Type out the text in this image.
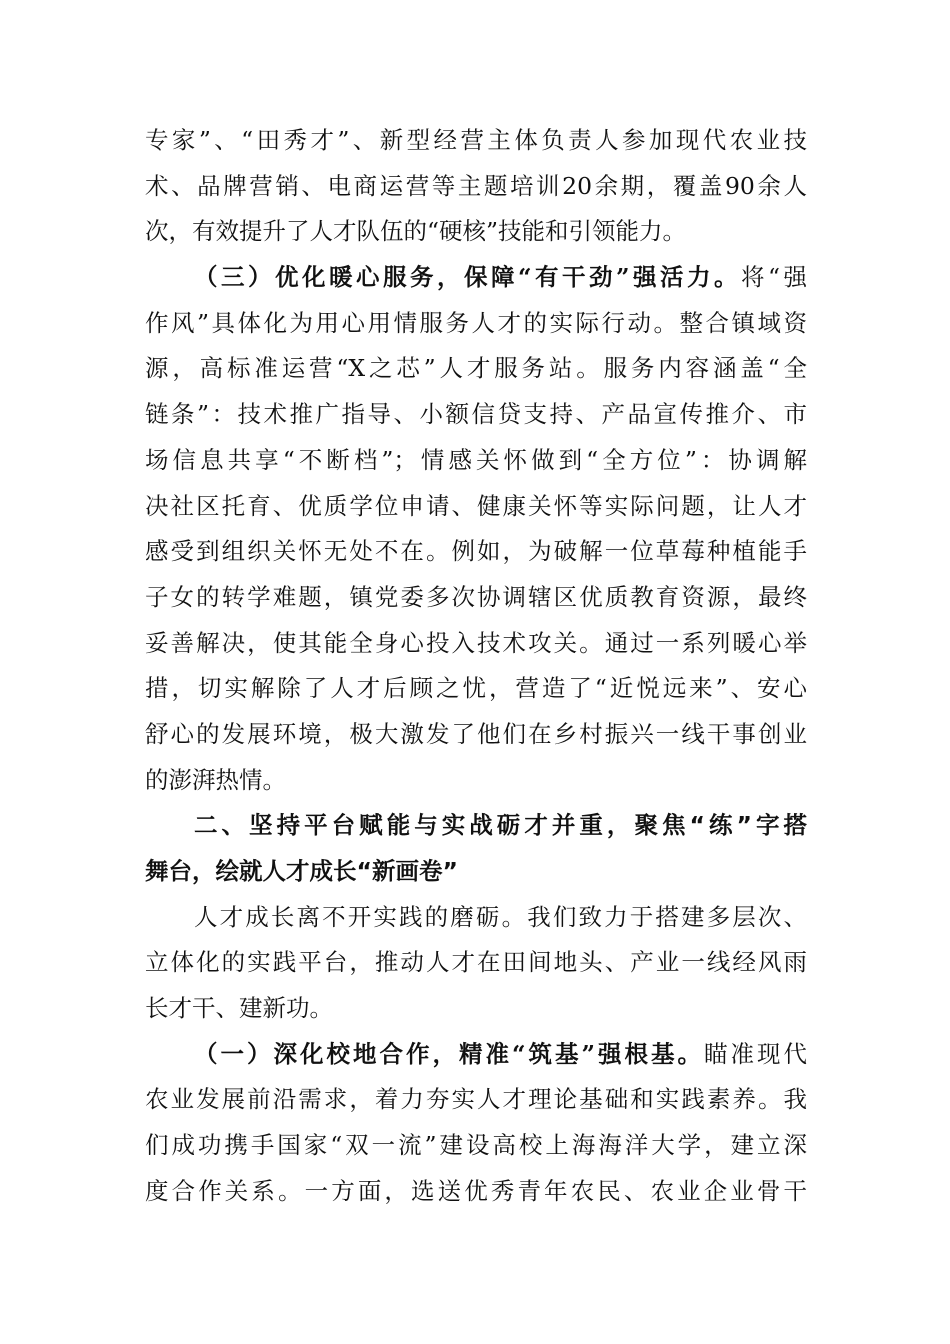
专家”、“田秀才”、新型经营主体负责人参加现代农业技
术、品牌营销、电商运营等主题培训20余期，覆盖90余人
次，有效提升了人才队伍的“硬核”技能和引领能力。
（三）优化暖心服务，保障“有干劲”强活力。将“强
作风”具体化为用心用情服务人才的实际行动。整合镇域资
源，高标准运营“X之芯”人才服务站。服务内容涵盖“全
链条”：技术推广指导、小额信贷支持、产品宣传推介、市
场信息共享“不断档”；情感关怀做到“全方位”：协调解
决社区托育、优质学位申请、健康关怀等实际问题，让人才
感受到组织关怀无处不在。例如，为破解一位草莓种植能手
子女的转学难题，镇党委多次协调辖区优质教育资源，最终
妥善解决，使其能全身心投入技术攻关。通过一系列暖心举
措，切实解除了人才后顾之忧，营造了“近悦远来”、安心
舒心的发展环境，极大激发了他们在乡村振兴一线干事创业
的澎湃热情。
二、坚持平台赋能与实战砺才并重，聚焦“练”字搭
舞台，绘就人才成长“新画卷”
人才成长离不开实践的磨砺。我们致力于搭建多层次、
立体化的实践平台，推动人才在田间地头、产业一线经风雨
长才干、建新功。
（一）深化校地合作，精准“筑基”强根基。瞄准现代
农业发展前沿需求，着力夯实人才理论基础和实践素养。我
们成功携手国家“双一流”建设高校上海海洋大学，建立深
度合作关系。一方面，选送优秀青年农民、农业企业骨干
